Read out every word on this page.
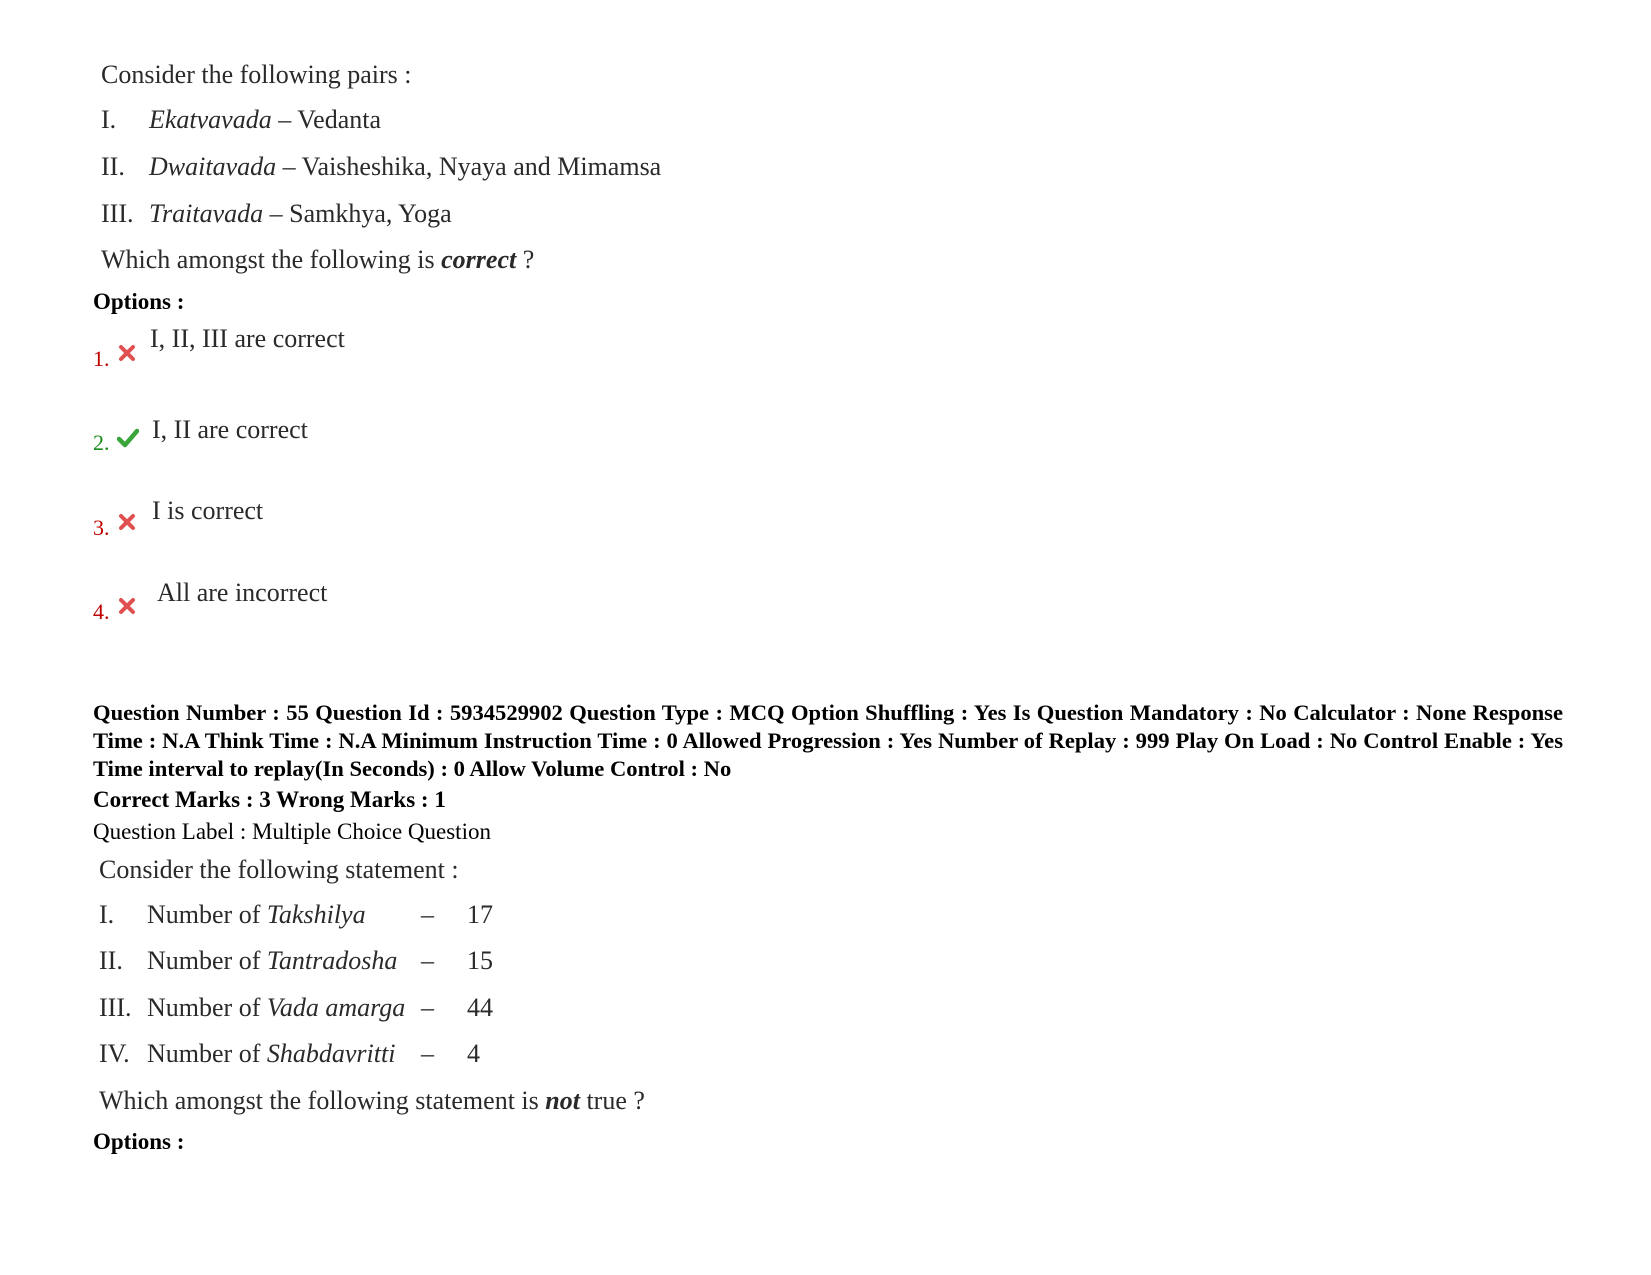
Consider the following pairs :
I. Ekatvavada – Vedanta
II. Dwaitavada – Vaisheshika, Nyaya and Mimamsa
III. Traitavada – Samkhya, Yoga
Which amongst the following is correct ?
Options :
1.
I, II, III are correct
2. I, II are correct
3.
I is correct
4.
All are incorrect
Question Number : 55 Question Id : 5934529902 Question Type : MCQ Option Shuffling : Yes Is Question Mandatory : No Calculator : None Response Time : N.A Think Time : N.A Minimum Instruction Time : 0 Allowed Progression : Yes Number of Replay : 999 Play On Load : No Control Enable : Yes Time interval to replay(In Seconds) : 0 Allow Volume Control : No
Correct Marks : 3 Wrong Marks : 1
Question Label : Multiple Choice Question
Consider the following statement :
I. Number of Takshilya – 17
II. Number of Tantradosha – 15
III. Number of Vada amarga – 44
IV. Number of Shabdavritti – 4
Which amongst the following statement is not true ?
Options :
